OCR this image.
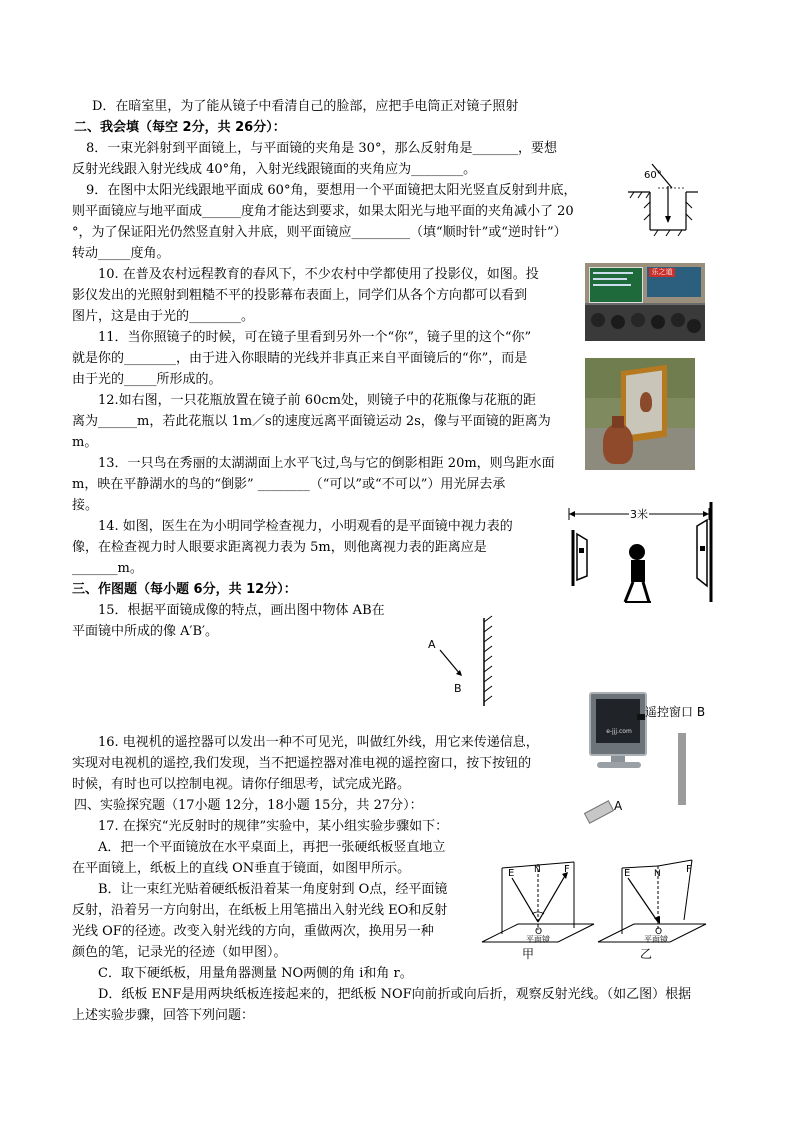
D．在暗室里，为了能从镜子中看清自己的脸部，应把手电筒正对镜子照射
二、我会填（每空 2分，共 26分）：
8．一束光斜射到平面镜上，与平面镜的夹角是 30°，那么反射角是_______，要想
反射光线跟入射光线成 40°角，入射光线跟镜面的夹角应为________。
9．在图中太阳光线跟地平面成 60°角，要想用一个平面镜把太阳光竖直反射到井底，
则平面镜应与地平面成______度角才能达到要求，如果太阳光与地平面的夹角减小了 20
°，为了保证阳光仍然竖直射入井底，则平面镜应_________（填“顺时针”或“逆时针”）
转动_____度角。
10. 在普及农村远程教育的春风下，不少农村中学都使用了投影仪，如图。投
影仪发出的光照射到粗糙不平的投影幕布表面上，同学们从各个方向都可以看到
图片，这是由于光的________。
11．当你照镜子的时候，可在镜子里看到另外一个“你”，镜子里的这个“你”
就是你的________，由于进入你眼睛的光线并非真正来自平面镜后的“你”，而是
由于光的_____所形成的。
12.如右图，一只花瓶放置在镜子前 60cm处，则镜子中的花瓶像与花瓶的距
离为______m，若此花瓶以 1m／s的速度远离平面镜运动 2s，像与平面镜的距离为
m。
13．一只鸟在秀丽的太湖湖面上水平飞过,鸟与它的倒影相距 20m，则鸟距水面
m，映在平静湖水的鸟的“倒影” ________（“可以”或“不可以”）用光屏去承
接。
14. 如图，医生在为小明同学检查视力，小明观看的是平面镜中视力表的
像，在检查视力时人眼要求距离视力表为 5m，则他离视力表的距离应是
_______m。
三、作图题（每小题 6分，共 12分）：
15．根据平面镜成像的特点，画出图中物体 AB在
平面镜中所成的像 A′B′。
16. 电视机的遥控器可以发出一种不可见光，叫做红外线，用它来传递信息，
实现对电视机的遥控,我们发现，当不把遥控器对准电视的遥控窗口，按下按钮的
时候，有时也可以控制电视。请你仔细思考，试完成光路。
四、实验探究题（17小题 12分，18小题 15分，共 27分）：
17. 在探究“光反射时的规律”实验中，某小组实验步骤如下：
A．把一个平面镜放在水平桌面上，再把一张硬纸板竖直地立
在平面镜上，纸板上的直线 ON垂直于镜面，如图甲所示。
B．让一束红光贴着硬纸板沿着某一角度射到 O点，经平面镜
反射，沿着另一方向射出，在纸板上用笔描出入射光线 EO和反射
光线 OF的径迹。改变入射光线的方向，重做两次，换用另一种
颜色的笔，记录光的径迹（如甲图）。
C．取下硬纸板，用量角器测量 NO两侧的角 i和角 r。
D．纸板 ENF是用两块纸板连接起来的，把纸板 NOF向前折或向后折，观察反射光线。（如乙图）根据
上述实验步骤，回答下列问题：
60°
乐之道
3米
A
B
e-jjj.com
遥控窗口 B
A
E N F
O
平面镜
甲
E	N	F
O
平面镜
乙
